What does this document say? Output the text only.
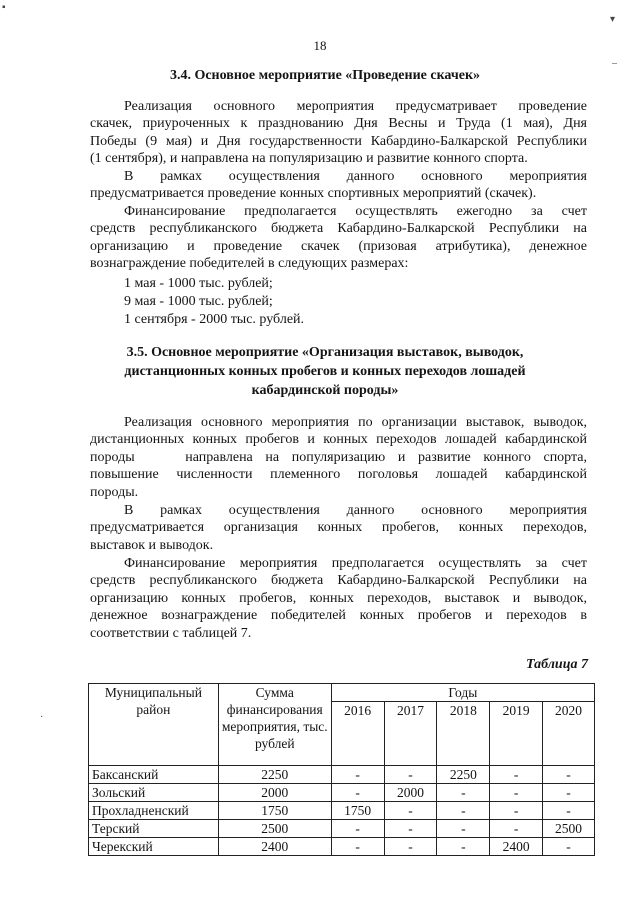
▪
▾
–
·
18
3.4. Основное мероприятие «Проведение скачек»
Реализация основного мероприятия предусматривает проведение
скачек, приуроченных к празднованию Дня Весны и Труда (1 мая), Дня
Победы (9 мая) и Дня государственности Кабардино-Балкарской Республики
(1 сентября), и направлена на популяризацию и развитие конного спорта.
В рамках осуществления данного основного мероприятия
предусматривается проведение конных спортивных мероприятий (скачек).
Финансирование предполагается осуществлять ежегодно за счет
средств республиканского бюджета Кабардино-Балкарской Республики на
организацию и проведение скачек (призовая атрибутика), денежное
вознаграждение победителей в следующих размерах:
1 мая - 1000 тыс. рублей;
9 мая - 1000 тыс. рублей;
1 сентября - 2000 тыс. рублей.
3.5. Основное мероприятие «Организация выставок, выводок,
дистанционных конных пробегов и конных переходов лошадей
кабардинской породы»
Реализация основного мероприятия по организации выставок, выводок,
дистанционных конных пробегов и конных переходов лошадей кабардинской
породы    направлена на популяризацию и развитие конного спорта,
повышение численности племенного поголовья лошадей кабардинской
породы.
В рамках осуществления данного основного мероприятия
предусматривается организация конных пробегов, конных переходов,
выставок и выводок.
Финансирование мероприятия предполагается осуществлять за счет
средств республиканского бюджета Кабардино-Балкарской Республики на
организацию конных пробегов, конных переходов, выставок и выводок,
денежное вознаграждение победителей конных пробегов и переходов в
соответствии с таблицей 7.
Таблица 7
Муниципальный район	Сумма финансирования мероприятия, тыс. рублей	Годы				
		2016	2017	2018	2019	2020
Баксанский	2250	-	-	2250	-	-
Зольский	2000	-	2000	-	-	-
Прохладненский	1750	1750	-	-	-	-
Терский	2500	-	-	-	-	2500
Черекский	2400	-	-	-	2400	-
